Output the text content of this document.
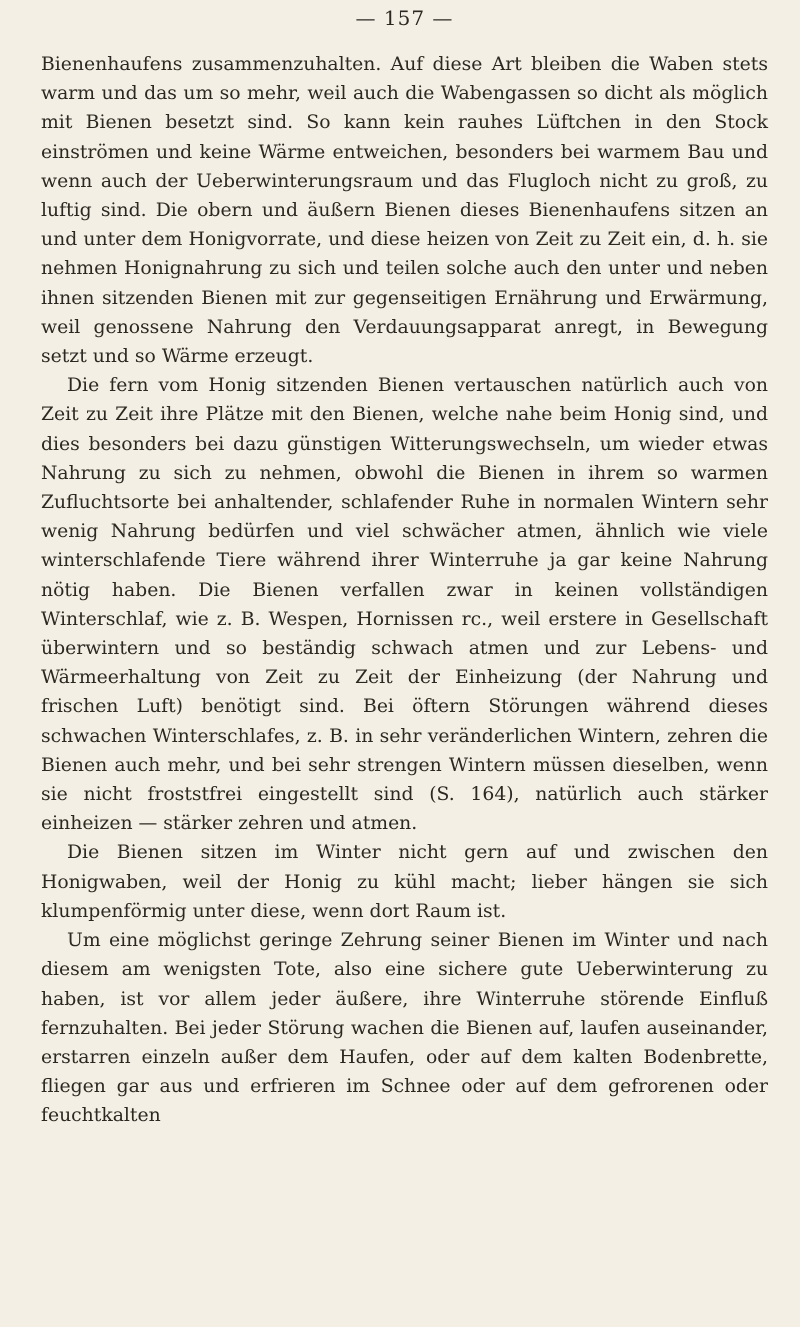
— 157 —

Bienenhaufens zusammenzuhalten. Auf diese Art bleiben die Waben stets warm und das um so mehr, weil auch die Wabengassen so dicht als möglich mit Bienen besetzt sind. So kann kein rauhes Lüftchen in den Stock einströmen und keine Wärme entweichen, besonders bei warmem Bau und wenn auch der Ueberwinterungsraum und das Flugloch nicht zu groß, zu luftig sind. Die obern und äußern Bienen dieses Bienenhaufens sitzen an und unter dem Honigvorrate, und diese heizen von Zeit zu Zeit ein, d. h. sie nehmen Honignahrung zu sich und teilen solche auch den unter und neben ihnen sitzenden Bienen mit zur gegenseitigen Ernährung und Erwärmung, weil genossene Nahrung den Verdauungsapparat anregt, in Bewegung setzt und so Wärme erzeugt.

Die fern vom Honig sitzenden Bienen vertauschen natürlich auch von Zeit zu Zeit ihre Plätze mit den Bienen, welche nahe beim Honig sind, und dies besonders bei dazu günstigen Witterungswechseln, um wieder etwas Nahrung zu sich zu nehmen, obwohl die Bienen in ihrem so warmen Zufluchtsorte bei anhaltender, schlafender Ruhe in normalen Wintern sehr wenig Nahrung bedürfen und viel schwächer atmen, ähnlich wie viele winterschlafende Tiere während ihrer Winterruhe ja gar keine Nahrung nötig haben. Die Bienen verfallen zwar in keinen vollständigen Winterschlaf, wie z. B. Wespen, Hornissen rc., weil erstere in Gesellschaft überwintern und so beständig schwach atmen und zur Lebens- und Wärmeerhaltung von Zeit zu Zeit der Einheizung (der Nahrung und frischen Luft) benötigt sind. Bei öftern Störungen während dieses schwachen Winterschlafes, z. B. in sehr veränderlichen Wintern, zehren die Bienen auch mehr, und bei sehr strengen Wintern müssen dieselben, wenn sie nicht froststfrei eingestellt sind (S. 164), natürlich auch stärker einheizen — stärker zehren und atmen.

Die Bienen sitzen im Winter nicht gern auf und zwischen den Honigwaben, weil der Honig zu kühl macht; lieber hängen sie sich klumpenförmig unter diese, wenn dort Raum ist.

Um eine möglichst geringe Zehrung seiner Bienen im Winter und nach diesem am wenigsten Tote, also eine sichere gute Ueberwinterung zu haben, ist vor allem jeder äußere, ihre Winterruhe störende Einfluß fernzuhalten. Bei jeder Störung wachen die Bienen auf, laufen auseinander, erstarren einzeln außer dem Haufen, oder auf dem kalten Bodenbrette, fliegen gar aus und erfrieren im Schnee oder auf dem gefrorenen oder feuchtkalten
